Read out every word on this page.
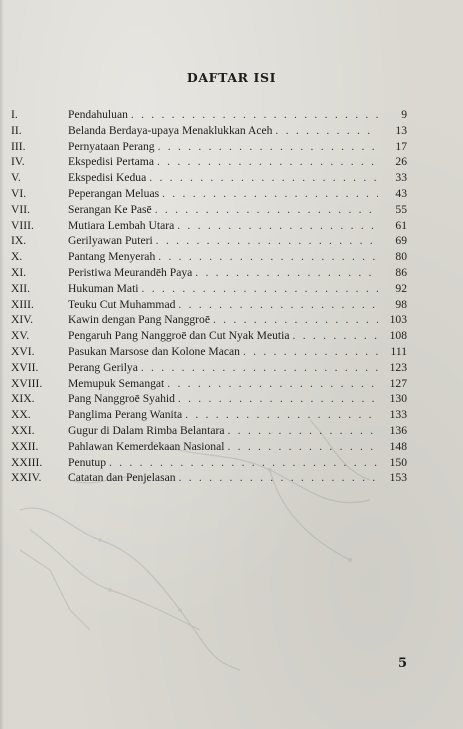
DAFTAR ISI
I.	Pendahuluan . . .	9
II.	Belanda Berdaya-upaya Menaklukkan Aceh . . .	13
III.	Pernyataan Perang . . .	17
IV.	Ekspedisi Pertama . . .	26
V.	Ekspedisi Kedua . . .	33
VI.	Peperangan Meluas . . .	43
VII.	Serangan Ke Pasē . . .	55
VIII.	Mutiara Lembah Utara . . .	61
IX.	Gerilyawan Puteri . . .	69
X.	Pantang Menyerah . . .	80
XI.	Peristiwa Meurandēh Paya . . .	86
XII.	Hukuman Mati . . .	92
XIII.	Teuku Cut Muhammad . . .	98
XIV.	Kawin dengan Pang Nanggroē . . .	103
XV.	Pengaruh Pang Nanggroē dan Cut Nyak Meutia . . .	108
XVI.	Pasukan Marsose dan Kolone Macan . . .	111
XVII.	Perang Gerilya . . .	123
XVIII.	Memupuk Semangat . . .	127
XIX.	Pang Nanggroē Syahid . . .	130
XX.	Panglima Perang Wanita . . .	133
XXI.	Gugur di Dalam Rimba Belantara . . .	136
XXII.	Pahlawan Kemerdekaan Nasional . . .	148
XXIII.	Penutup . . .	150
XXIV.	Catatan dan Penjelasan . . .	153
5
